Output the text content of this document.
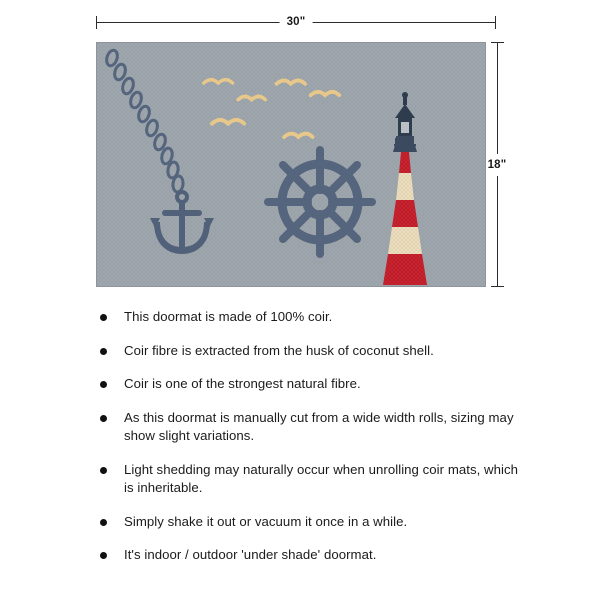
30"
18"
This doormat is made of 100% coir.
Coir fibre is extracted from the husk of coconut shell.
Coir is one of the strongest natural fibre.
As this doormat is manually cut from a wide width rolls, sizing may show slight variations.
Light shedding may naturally occur when unrolling coir mats, which is inheritable.
Simply shake it out or vacuum it once in a while.
It's indoor / outdoor 'under shade' doormat.
